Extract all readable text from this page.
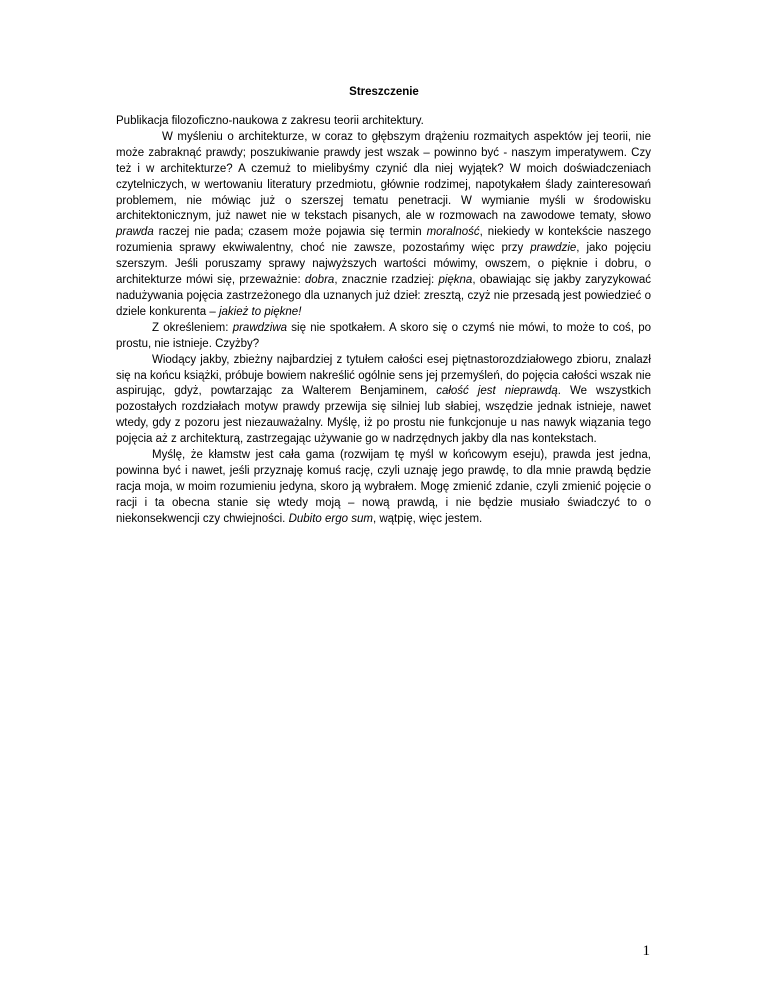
Streszczenie

Publikacja filozoficzno-naukowa z zakresu teorii architektury.

W myśleniu o architekturze, w coraz to głębszym drążeniu rozmaitych aspektów jej teorii, nie może zabraknąć prawdy; poszukiwanie prawdy jest wszak – powinno być - naszym imperatywem. Czy też i w architekturze? A czemuż to mielibyśmy czynić dla niej wyjątek? W moich doświadczeniach czytelniczych, w wertowaniu literatury przedmiotu, głównie rodzimej, napotykałem ślady zainteresowań problemem, nie mówiąc już o szerszej tematu penetracji. W wymianie myśli w środowisku architektonicznym, już nawet nie w tekstach pisanych, ale w rozmowach na zawodowe tematy, słowo prawda raczej nie pada; czasem może pojawia się termin moralność, niekiedy w kontekście naszego rozumienia sprawy ekwiwalentny, choć nie zawsze, pozostańmy więc przy prawdzie, jako pojęciu szerszym. Jeśli poruszamy sprawy najwyższych wartości mówimy, owszem, o pięknie i dobru, o architekturze mówi się, przeważnie: dobra, znacznie rzadziej: piękna, obawiając się jakby zaryzykować nadużywania pojęcia zastrzeżonego dla uznanych już dzieł: zresztą, czyż nie przesadą jest powiedzieć o dziele konkurenta – jakież to piękne!

Z określeniem: prawdziwa się nie spotkałem. A skoro się o czymś nie mówi, to może to coś, po prostu, nie istnieje. Czyżby?

Wiodący jakby, zbieżny najbardziej z tytułem całości esej piętnastorozdziałowego zbioru, znalazł się na końcu książki, próbuje bowiem nakreślić ogólnie sens jej przemyśleń, do pojęcia całości wszak nie aspirując, gdyż, powtarzając za Walterem Benjaminem, całość jest nieprawdą. We wszystkich pozostałych rozdziałach motyw prawdy przewija się silniej lub słabiej, wszędzie jednak istnieje, nawet wtedy, gdy z pozoru jest niezauważalny. Myślę, iż po prostu nie funkcjonuje u nas nawyk wiązania tego pojęcia aż z architekturą, zastrzegając używanie go w nadrzędnych jakby dla nas kontekstach.

Myślę, że kłamstw jest cała gama (rozwijam tę myśl w końcowym eseju), prawda jest jedna, powinna być i nawet, jeśli przyznaję komuś rację, czyli uznaję jego prawdę, to dla mnie prawdą będzie racja moja, w moim rozumieniu jedyna, skoro ją wybrałem. Mogę zmienić zdanie, czyli zmienić pojęcie o racji i ta obecna stanie się wtedy moją – nową prawdą, i nie będzie musiało świadczyć to o niekonsekwencji czy chwiejności. Dubito ergo sum, wątpię, więc jestem.

1
